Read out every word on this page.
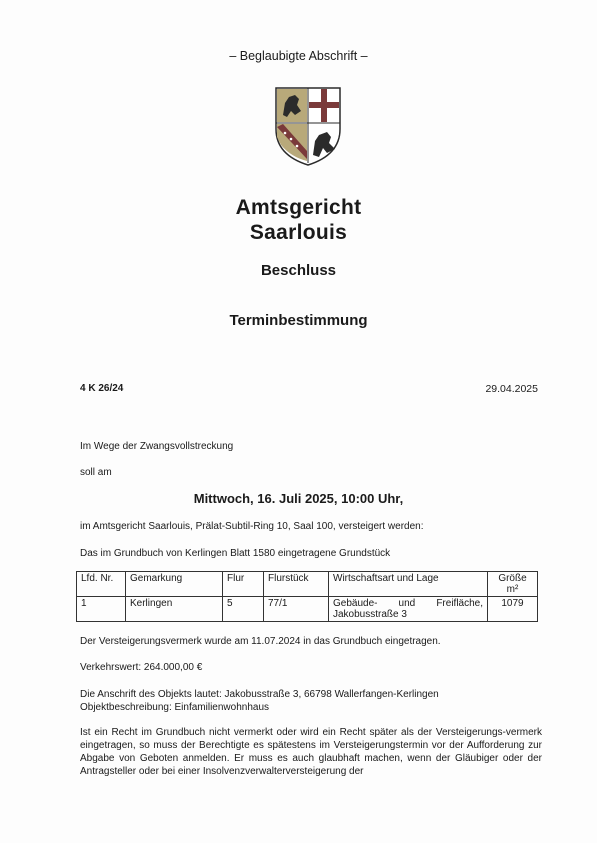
– Beglaubigte Abschrift –
Amtsgericht
Saarlouis
Beschluss
Terminbestimmung
4 K 26/24	29.04.2025
Im Wege der Zwangsvollstreckung
soll am
Mittwoch, 16. Juli 2025, 10:00 Uhr,
im Amtsgericht Saarlouis, Prälat-Subtil-Ring 10, Saal 100, versteigert werden:
Das im Grundbuch von Kerlingen Blatt 1580 eingetragene Grundstück
Lfd. Nr.	Gemarkung	Flur	Flurstück	Wirtschaftsart und Lage	Größe m²
1	Kerlingen	5	77/1	Gebäude- und Freifläche, Jakobusstraße 3	1079
Der Versteigerungsvermerk wurde am 11.07.2024 in das Grundbuch eingetragen.
Verkehrswert: 264.000,00 €
Die Anschrift des Objekts lautet: Jakobusstraße 3, 66798 Wallerfangen-Kerlingen
Objektbeschreibung: Einfamilienwohnhaus
Ist ein Recht im Grundbuch nicht vermerkt oder wird ein Recht später als der Versteigerungs-vermerk eingetragen, so muss der Berechtigte es spätestens im Versteigerungstermin vor der Aufforderung zur Abgabe von Geboten anmelden. Er muss es auch glaubhaft machen, wenn der Gläubiger oder der Antragsteller oder bei einer Insolvenzverwalterversteigerung der
